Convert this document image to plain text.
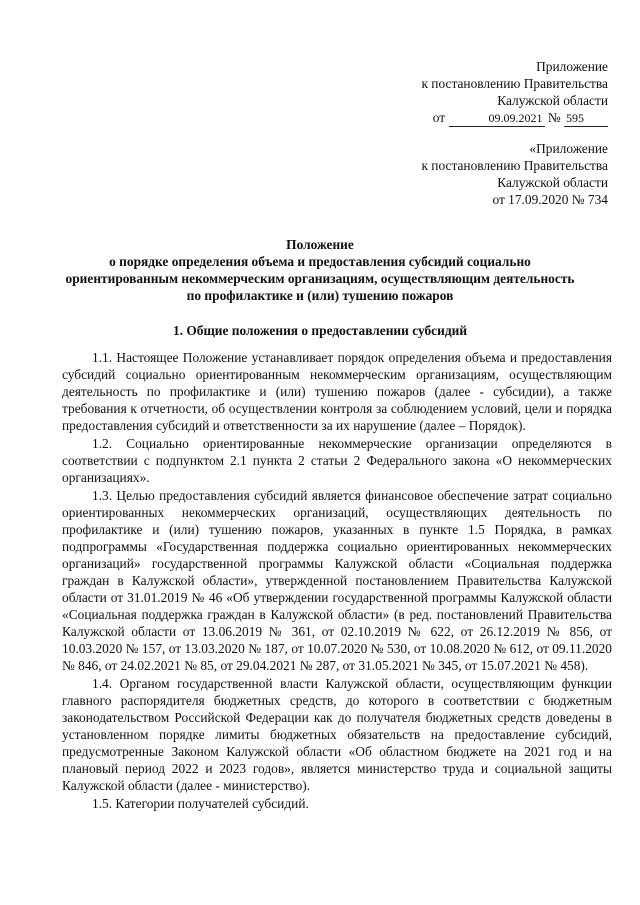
Приложение
к постановлению Правительства
Калужской области
от	09.09.2021 № 595
«Приложение
к постановлению Правительства
Калужской области
от 17.09.2020 № 734
Положение
о порядке определения объема и предоставления субсидий социально
ориентированным некоммерческим организациям, осуществляющим деятельность
по профилактике и (или) тушению пожаров
1. Общие положения о предоставлении субсидий

1.1. Настоящее Положение устанавливает порядок определения объема и предоставления субсидий социально ориентированным некоммерческим организациям, осуществляющим деятельность по профилактике и (или) тушению пожаров (далее - субсидии), а также требования к отчетности, об осуществлении контроля за соблюдением условий, цели и порядка предоставления субсидий и ответственности за их нарушение (далее – Порядок).

1.2. Социально ориентированные некоммерческие организации определяются в соответствии с подпунктом 2.1 пункта 2 статьи 2 Федерального закона «О некоммерческих организациях».

1.3. Целью предоставления субсидий является финансовое обеспечение затрат социально ориентированных некоммерческих организаций, осуществляющих деятельность по профилактике и (или) тушению пожаров, указанных в пункте 1.5 Порядка, в рамках подпрограммы «Государственная поддержка социально ориентированных некоммерческих организаций» государственной программы Калужской области «Социальная поддержка граждан в Калужской области», утвержденной постановлением Правительства Калужской области от 31.01.2019 № 46 «Об утверждении государственной программы Калужской области «Социальная поддержка граждан в Калужской области» (в ред. постановлений Правительства Калужской области от 13.06.2019 № 361, от 02.10.2019 № 622, от 26.12.2019 № 856, от 10.03.2020 № 157, от 13.03.2020 № 187, от 10.07.2020 № 530, от 10.08.2020 № 612, от 09.11.2020 № 846, от 24.02.2021 № 85, от 29.04.2021 № 287, от 31.05.2021 № 345, от 15.07.2021 № 458).

1.4. Органом государственной власти Калужской области, осуществляющим функции главного распорядителя бюджетных средств, до которого в соответствии с бюджетным законодательством Российской Федерации как до получателя бюджетных средств доведены в установленном порядке лимиты бюджетных обязательств на предоставление субсидий, предусмотренные Законом Калужской области «Об областном бюджете на 2021 год и на плановый период 2022 и 2023 годов», является министерство труда и социальной защиты Калужской области (далее - министерство).

1.5. Категории получателей субсидий.
